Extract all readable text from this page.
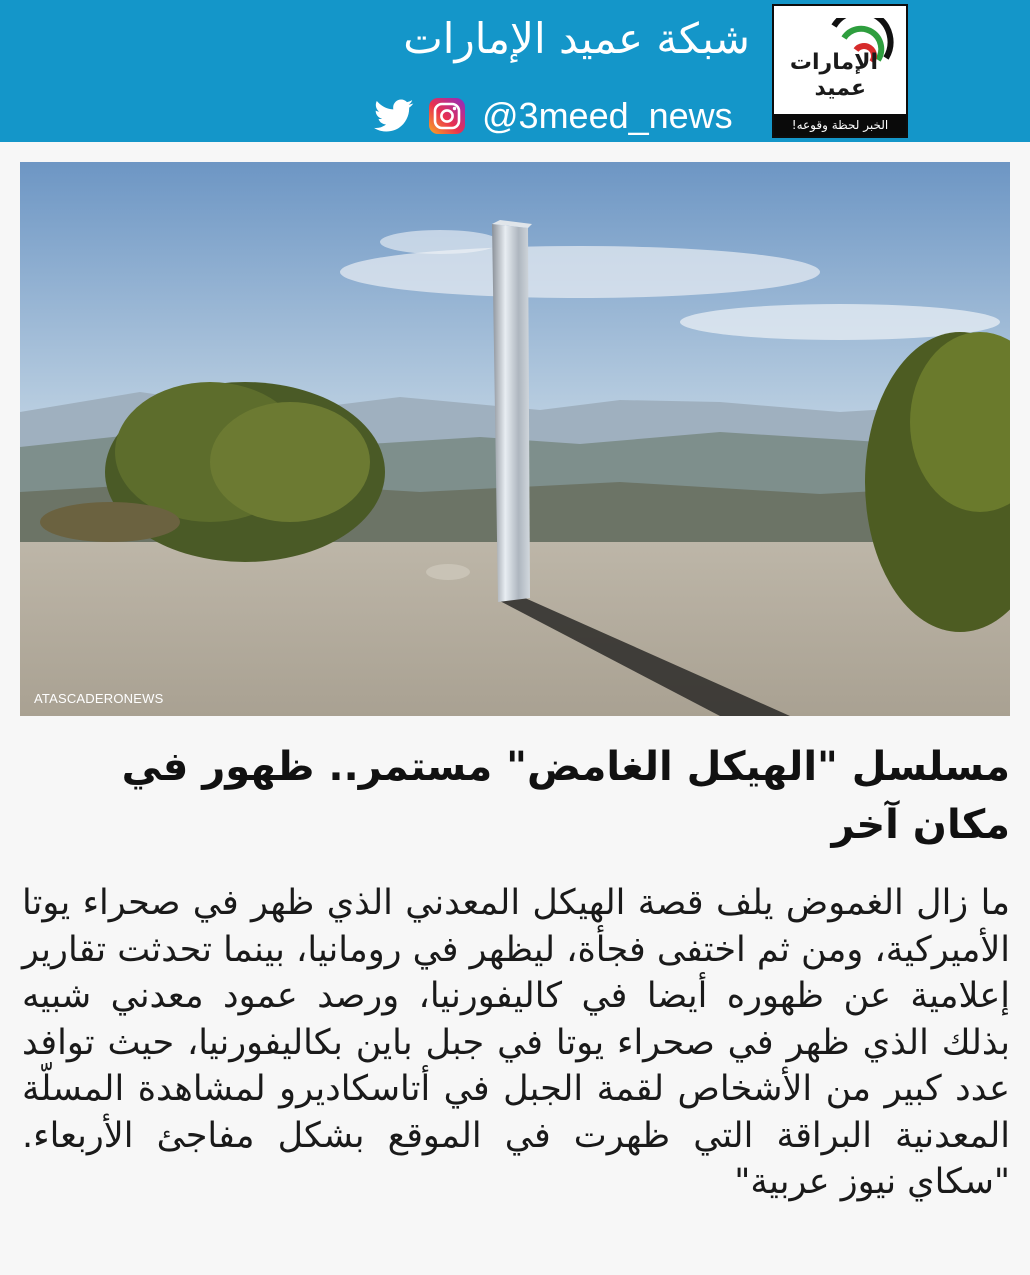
الإمارات
عميد
الخبر لحظة وقوعه!
شبكة عميد الإمارات
@3meed_news
ATASCADERONEWS
مسلسل "الهيكل الغامض" مستمر.. ظهور في مكان آخر

ما زال الغموض يلف قصة الهيكل المعدني الذي ظهر في صحراء يوتا الأميركية، ومن ثم اختفى فجأة، ليظهر في رومانيا، بينما تحدثت تقارير إعلامية عن ظهوره أيضا في كاليفورنيا، ورصد عمود معدني شبيه بذلك الذي ظهر في صحراء يوتا في جبل باين بكاليفورنيا، حيث توافد عدد كبير من الأشخاص لقمة الجبل في أتاسكاديرو لمشاهدة المسلّة المعدنية البراقة التي ظهرت في الموقع بشكل مفاجئ الأربعاء. "سكاي نيوز عربية"
